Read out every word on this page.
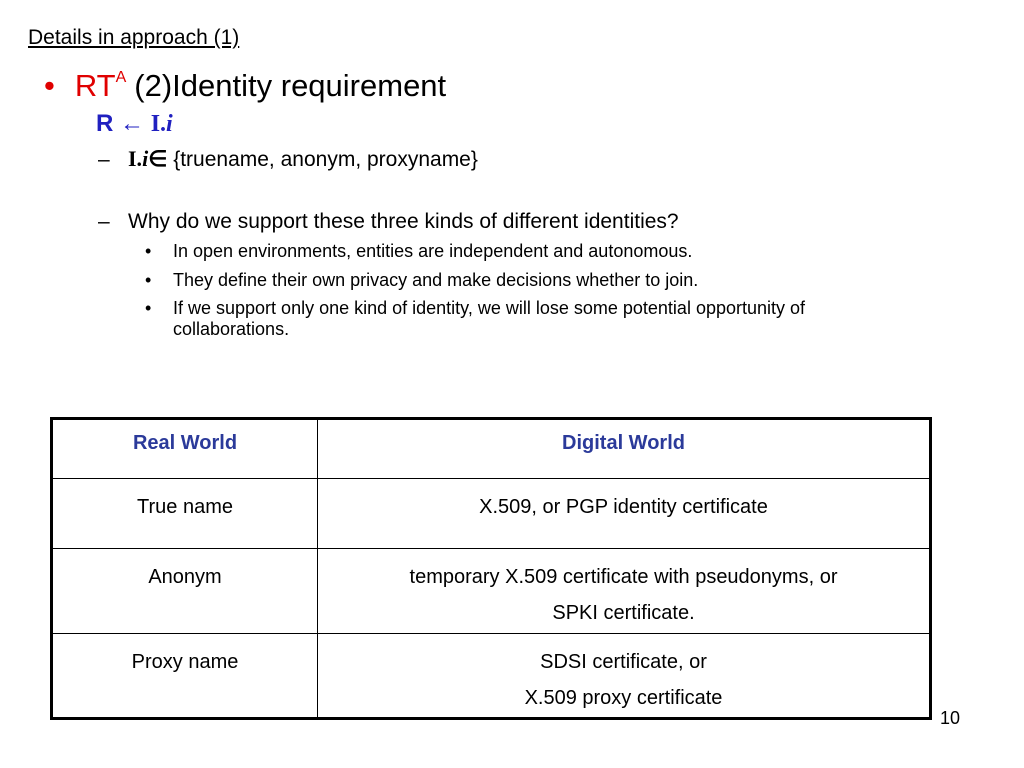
Details in approach (1)
• $RT^A$ (2)Identity requirement
R ← I.i
– I.i∈ {truename, anonym, proxyname}
– Why do we support these three kinds of different identities?
• In open environments, entities are independent and autonomous.
• They define their own privacy and make decisions whether to join.
• If we support only one kind of identity, we will lose some potential opportunity of collaborations.
Real World	Digital World
True name	X.509, or PGP identity certificate

Anonym	temporary X.509 certificate with pseudonyms, or
SPKI certificate.

Proxy name	SDSI certificate, or
X.509 proxy certificate
10
